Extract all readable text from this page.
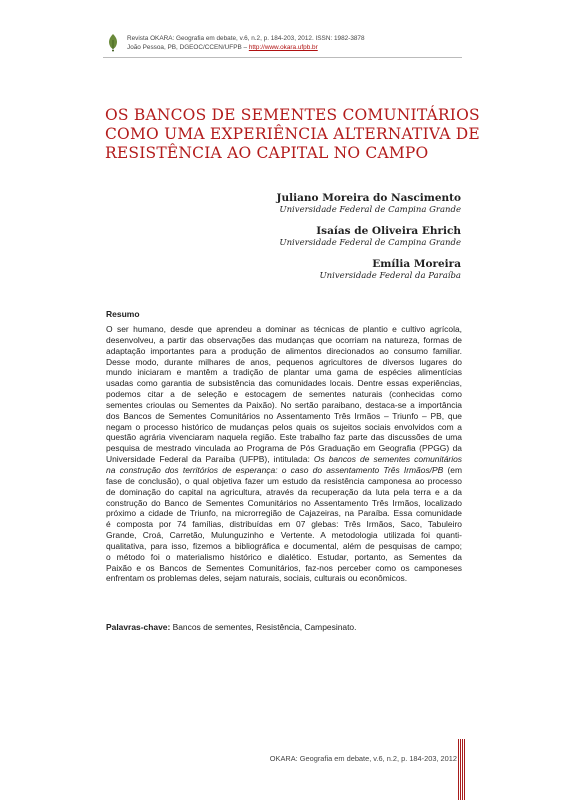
Revista OKARA: Geografia em debate, v.6, n.2, p. 184-203, 2012. ISSN: 1982-3878
João Pessoa, PB, DGEOC/CCEN/UFPB – http://www.okara.ufpb.br
OS BANCOS DE SEMENTES COMUNITÁRIOS
COMO UMA EXPERIÊNCIA ALTERNATIVA DE
RESISTÊNCIA AO CAPITAL NO CAMPO
Juliano Moreira do Nascimento
Universidade Federal de Campina Grande
Isaías de Oliveira Ehrich
Universidade Federal de Campina Grande
Emília Moreira
Universidade Federal da Paraíba
Resumo
O ser humano, desde que aprendeu a dominar as técnicas de plantio e cultivo agrícola,
desenvolveu, a partir das observações das mudanças que ocorriam na natureza, formas de
adaptação importantes para a produção de alimentos direcionados ao consumo familiar.
Desse modo, durante milhares de anos, pequenos agricultores de diversos lugares do
mundo iniciaram e mantêm a tradição de plantar uma gama de espécies alimentícias
usadas como garantia de subsistência das comunidades locais. Dentre essas experiências,
podemos citar a de seleção e estocagem de sementes naturais (conhecidas como
sementes crioulas ou Sementes da Paixão). No sertão paraibano, destaca-se a importância
dos Bancos de Sementes Comunitários no Assentamento Três Irmãos – Triunfo – PB, que
negam o processo histórico de mudanças pelos quais os sujeitos sociais envolvidos com a
questão agrária vivenciaram naquela região. Este trabalho faz parte das discussões de uma
pesquisa de mestrado vinculada ao Programa de Pós Graduação em Geografia (PPGG) da
Universidade Federal da Paraíba (UFPB), intitulada: Os bancos de sementes comunitários
na construção dos territórios de esperança: o caso do assentamento Três Irmãos/PB (em
fase de conclusão), o qual objetiva fazer um estudo da resistência camponesa ao processo
de dominação do capital na agricultura, através da recuperação da luta pela terra e a da
construção do Banco de Sementes Comunitários no Assentamento Três Irmãos, localizado
próximo a cidade de Triunfo, na microrregião de Cajazeiras, na Paraíba. Essa comunidade
é composta por 74 famílias, distribuídas em 07 glebas: Três Irmãos, Saco, Tabuleiro
Grande, Croá, Carretão, Mulunguzinho e Vertente. A metodologia utilizada foi quanti-
qualitativa, para isso, fizemos a bibliográfica e documental, além de pesquisas de campo;
o método foi o materialismo histórico e dialético. Estudar, portanto, as Sementes da
Paixão e os Bancos de Sementes Comunitários, faz-nos perceber como os camponeses
enfrentam os problemas deles, sejam naturais, sociais, culturais ou econômicos.
Palavras-chave: Bancos de sementes, Resistência, Campesinato.
OKARA: Geografia em debate, v.6, n.2, p. 184-203, 2012
